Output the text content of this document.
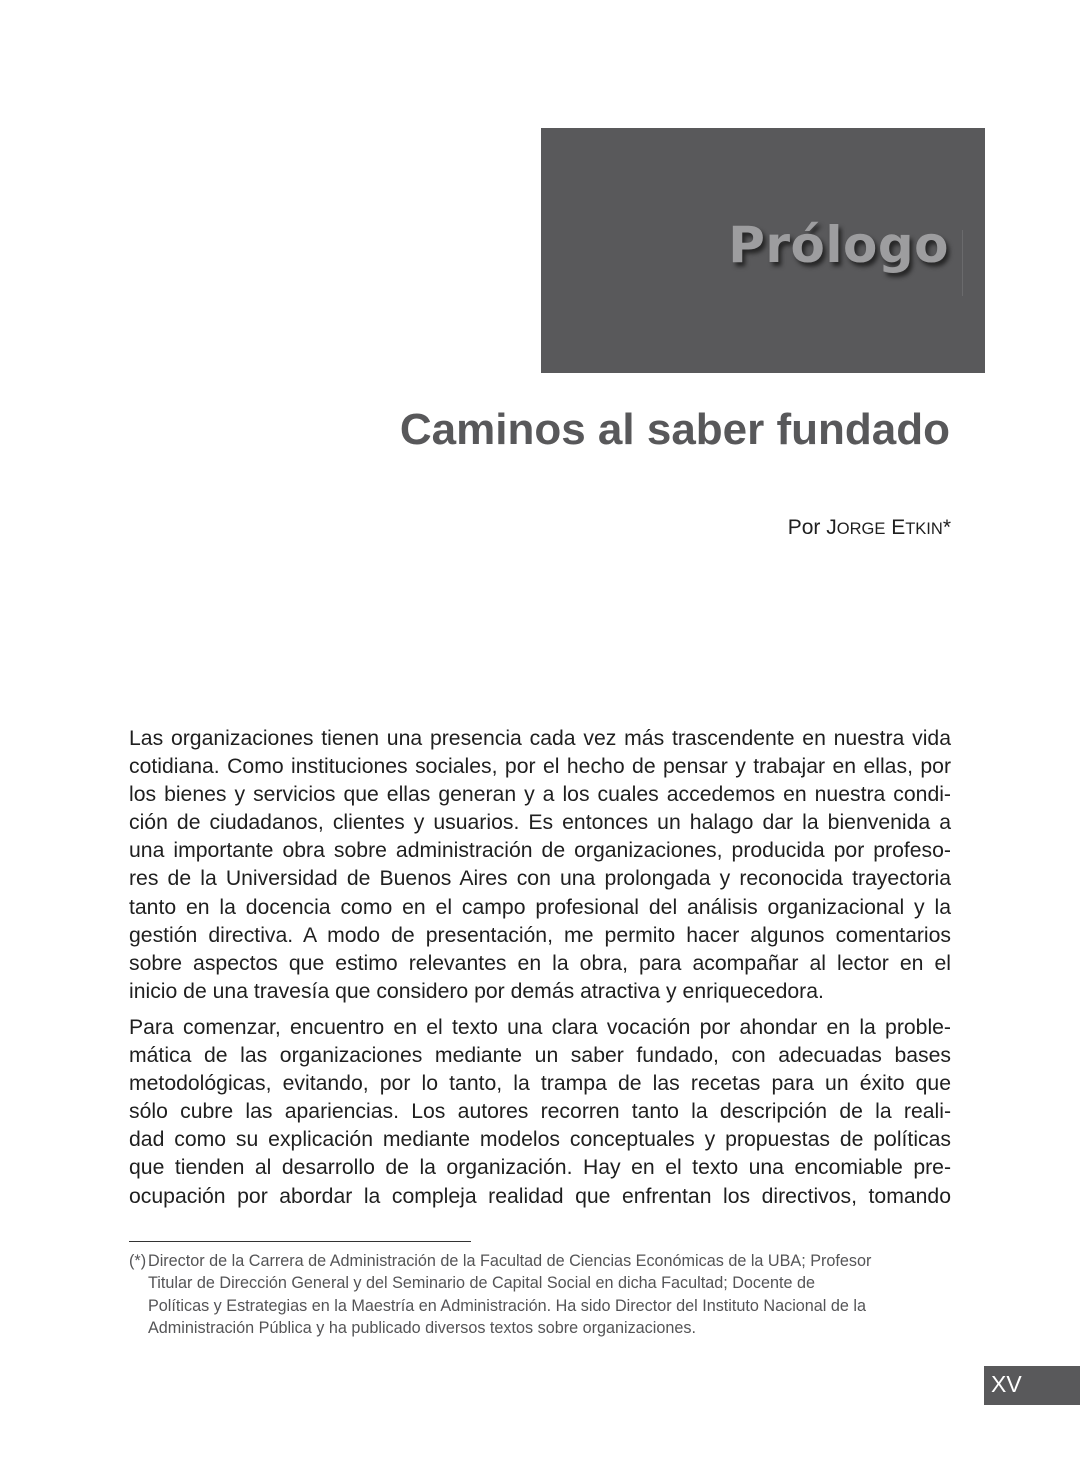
Prólogo
Caminos al saber fundado
Por JORGE ETKIN*

Las organizaciones tienen una presencia cada vez más trascendente en nuestra vida
cotidiana. Como instituciones sociales, por el hecho de pensar y trabajar en ellas, por
los bienes y servicios que ellas generan y a los cuales accedemos en nuestra condi-
ción de ciudadanos, clientes y usuarios. Es entonces un halago dar la bienvenida a
una importante obra sobre administración de organizaciones, producida por profeso-
res de la Universidad de Buenos Aires con una prolongada y reconocida trayectoria
tanto en la docencia como en el campo profesional del análisis organizacional y la
gestión directiva. A modo de presentación, me permito hacer algunos comentarios
sobre aspectos que estimo relevantes en la obra, para acompañar al lector en el
inicio de una travesía que considero por demás atractiva y enriquecedora.

Para comenzar, encuentro en el texto una clara vocación por ahondar en la proble-
mática de las organizaciones mediante un saber fundado, con adecuadas bases
metodológicas, evitando, por lo tanto, la trampa de las recetas para un éxito que
sólo cubre las apariencias. Los autores recorren tanto la descripción de la reali-
dad como su explicación mediante modelos conceptuales y propuestas de políticas
que tienden al desarrollo de la organización. Hay en el texto una encomiable pre-
ocupación por abordar la compleja realidad que enfrentan los directivos, tomando

(*) Director de la Carrera de Administración de la Facultad de Ciencias Económicas de la UBA; Profesor
Titular de Dirección General y del Seminario de Capital Social en dicha Facultad; Docente de
Políticas y Estrategias en la Maestría en Administración. Ha sido Director del Instituto Nacional de la
Administración Pública y ha publicado diversos textos sobre organizaciones.
XV
